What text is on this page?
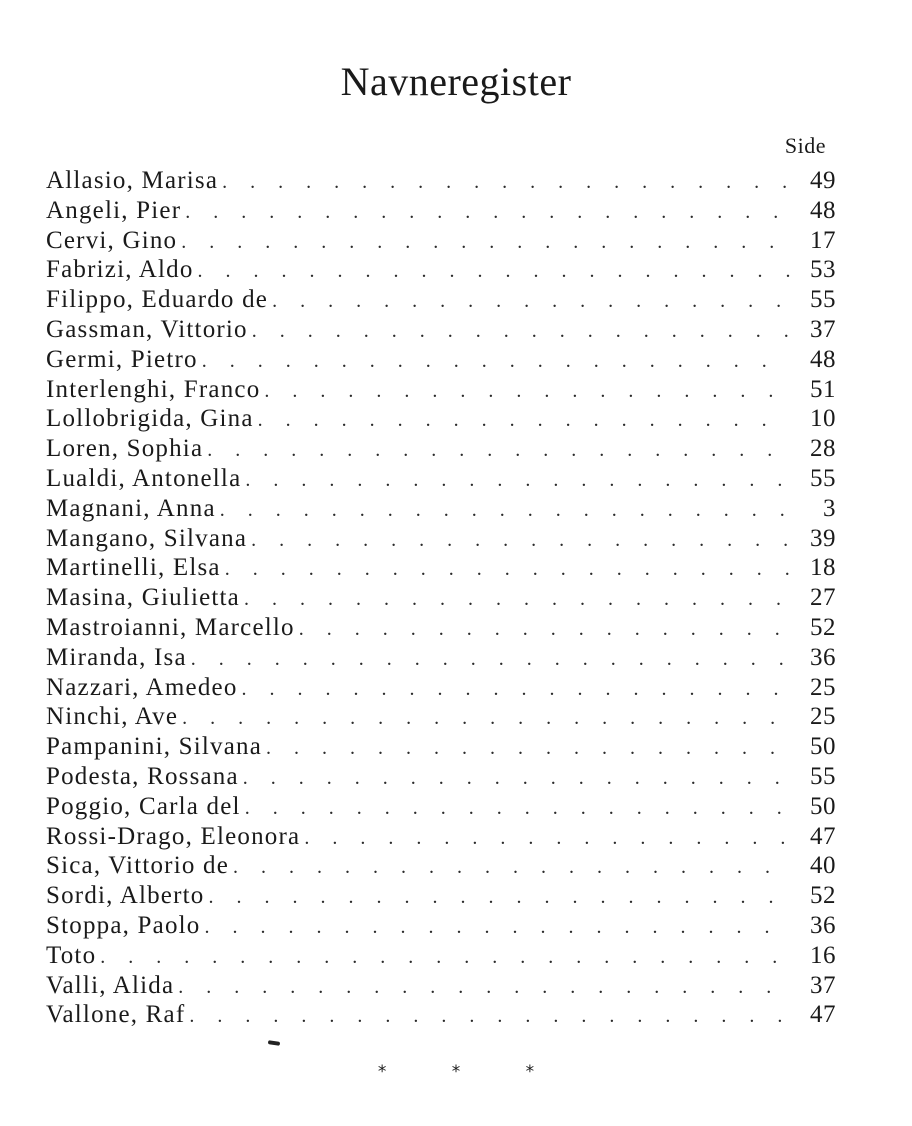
Navneregister
Side
Allasio, Marisa . . .	49
Angeli, Pier . . .	48
Cervi, Gino . . .	17
Fabrizi, Aldo . . .	53
Filippo, Eduardo de . . .	55
Gassman, Vittorio . . .	37
Germi, Pietro . . .	48
Interlenghi, Franco . . .	51
Lollobrigida, Gina . . .	10
Loren, Sophia . . .	28
Lualdi, Antonella . . .	55
Magnani, Anna . . .	3
Mangano, Silvana . . .	39
Martinelli, Elsa . . .	18
Masina, Giulietta . . .	27
Mastroianni, Marcello . . .	52
Miranda, Isa . . .	36
Nazzari, Amedeo . . .	25
Ninchi, Ave . . .	25
Pampanini, Silvana . . .	50
Podesta, Rossana . . .	55
Poggio, Carla del . . .	50
Rossi-Drago, Eleonora . . .	47
Sica, Vittorio de . . .	40
Sordi, Alberto . . .	52
Stoppa, Paolo . . .	36
Toto . . .	16
Valli, Alida . . .	37
Vallone, Raf . . .	47
* * *
